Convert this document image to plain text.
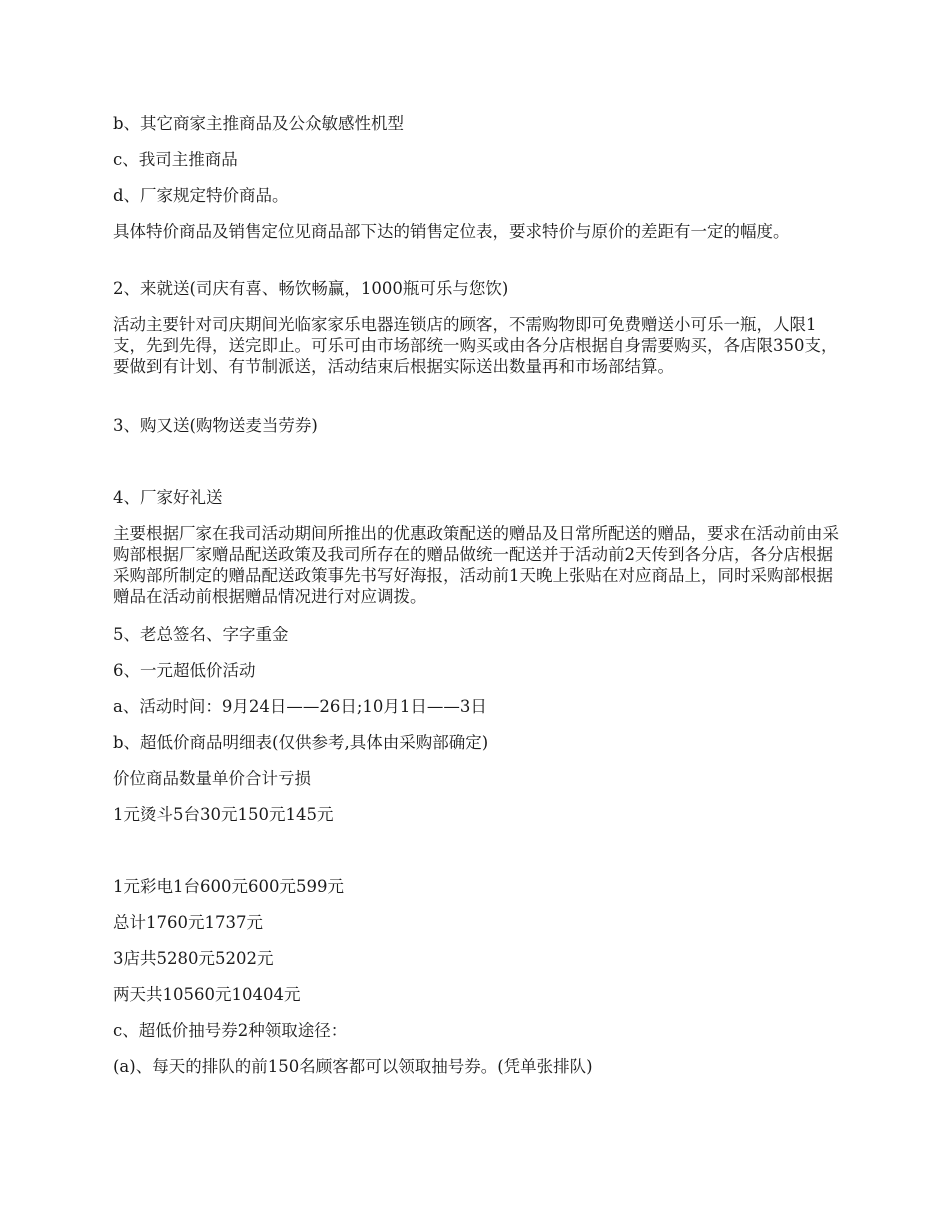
b、其它商家主推商品及公众敏感性机型
c、我司主推商品
d、厂家规定特价商品。
具体特价商品及销售定位见商品部下达的销售定位表，要求特价与原价的差距有一定的幅度。
2、来就送(司庆有喜、畅饮畅赢，1000瓶可乐与您饮)
活动主要针对司庆期间光临家家乐电器连锁店的顾客，不需购物即可免费赠送小可乐一瓶，人限1支，先到先得，送完即止。可乐可由市场部统一购买或由各分店根据自身需要购买，各店限350支，要做到有计划、有节制派送，活动结束后根据实际送出数量再和市场部结算。
3、购又送(购物送麦当劳券)
4、厂家好礼送
主要根据厂家在我司活动期间所推出的优惠政策配送的赠品及日常所配送的赠品，要求在活动前由采购部根据厂家赠品配送政策及我司所存在的赠品做统一配送并于活动前2天传到各分店，各分店根据采购部所制定的赠品配送政策事先书写好海报，活动前1天晚上张贴在对应商品上，同时采购部根据赠品在活动前根据赠品情况进行对应调拨。
5、老总签名、字字重金
6、一元超低价活动
a、活动时间：9月24日——26日;10月1日——3日
b、超低价商品明细表(仅供参考,具体由采购部确定)
价位商品数量单价合计亏损
1元烫斗5台30元150元145元
1元彩电1台600元600元599元
总计1760元1737元
3店共5280元5202元
两天共10560元10404元
c、超低价抽号券2种领取途径：
(a)、每天的排队的前150名顾客都可以领取抽号券。(凭单张排队)
